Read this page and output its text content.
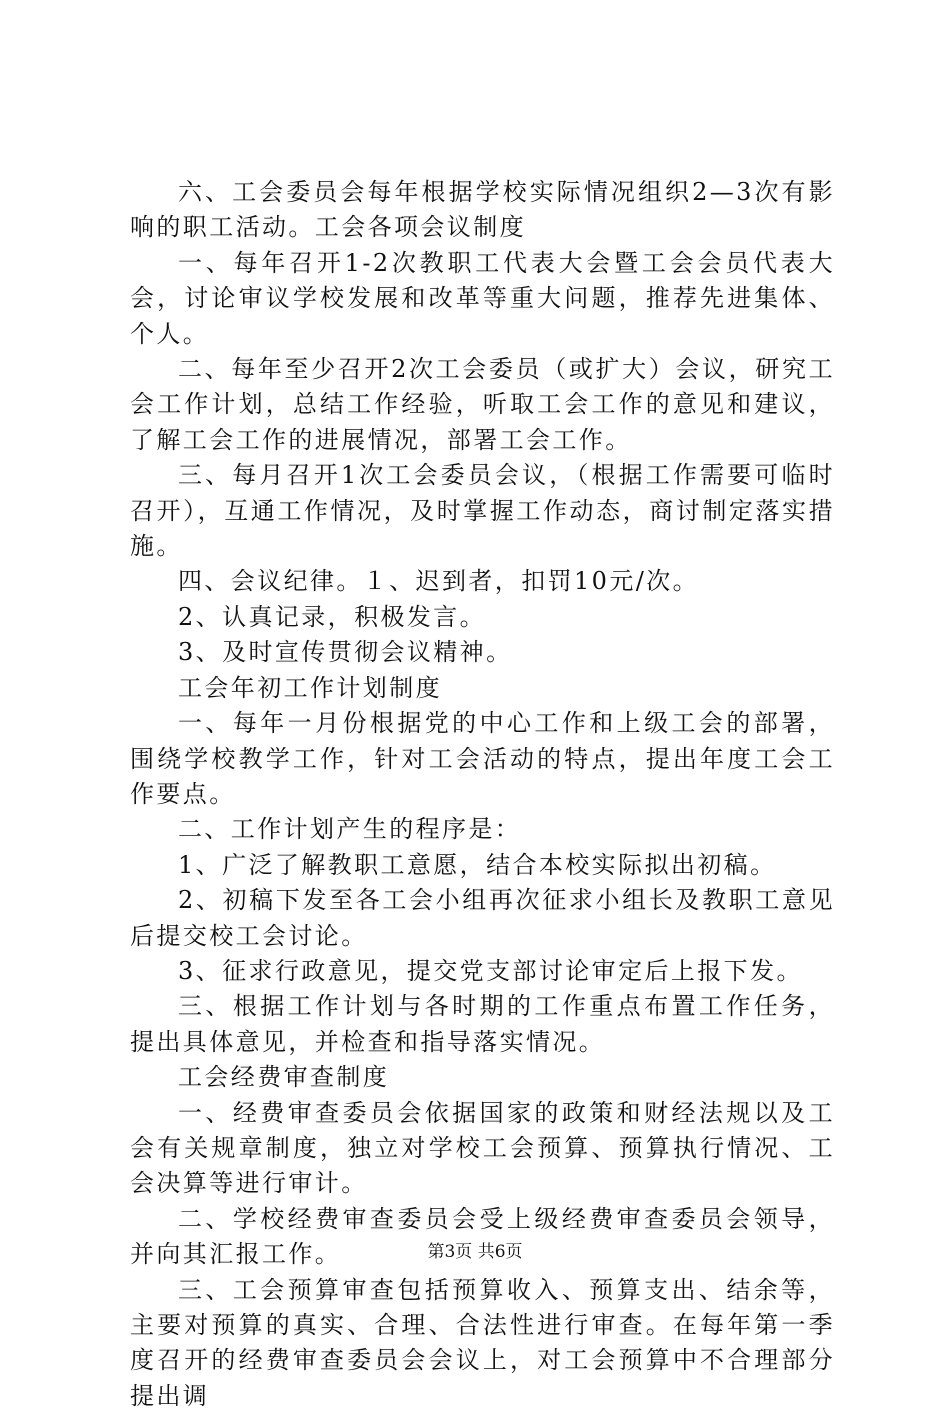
六、工会委员会每年根据学校实际情况组织2—3次有影响的职工活动。工会各项会议制度

一、每年召开1-2次教职工代表大会暨工会会员代表大会，讨论审议学校发展和改革等重大问题，推荐先进集体、个人。

二、每年至少召开2次工会委员（或扩大）会议，研究工会工作计划，总结工作经验，听取工会工作的意见和建议，了解工会工作的进展情况，部署工会工作。

三、每月召开1次工会委员会议，（根据工作需要可临时召开），互通工作情况，及时掌握工作动态，商讨制定落实措施。

四、会议纪律。１、迟到者，扣罚10元/次。

2、认真记录，积极发言。

3、及时宣传贯彻会议精神。

工会年初工作计划制度

一、每年一月份根据党的中心工作和上级工会的部署，围绕学校教学工作，针对工会活动的特点，提出年度工会工作要点。

二、工作计划产生的程序是：

1、广泛了解教职工意愿，结合本校实际拟出初稿。

2、初稿下发至各工会小组再次征求小组长及教职工意见后提交校工会讨论。

3、征求行政意见，提交党支部讨论审定后上报下发。

三、根据工作计划与各时期的工作重点布置工作任务，提出具体意见，并检查和指导落实情况。

工会经费审查制度

一、经费审查委员会依据国家的政策和财经法规以及工会有关规章制度，独立对学校工会预算、预算执行情况、工会决算等进行审计。

二、学校经费审查委员会受上级经费审查委员会领导，并向其汇报工作。

三、工会预算审查包括预算收入、预算支出、结余等，主要对预算的真实、合理、合法性进行审查。在每年第一季度召开的经费审查委员会会议上，对工会预算中不合理部分提出调

第3页 共6页
